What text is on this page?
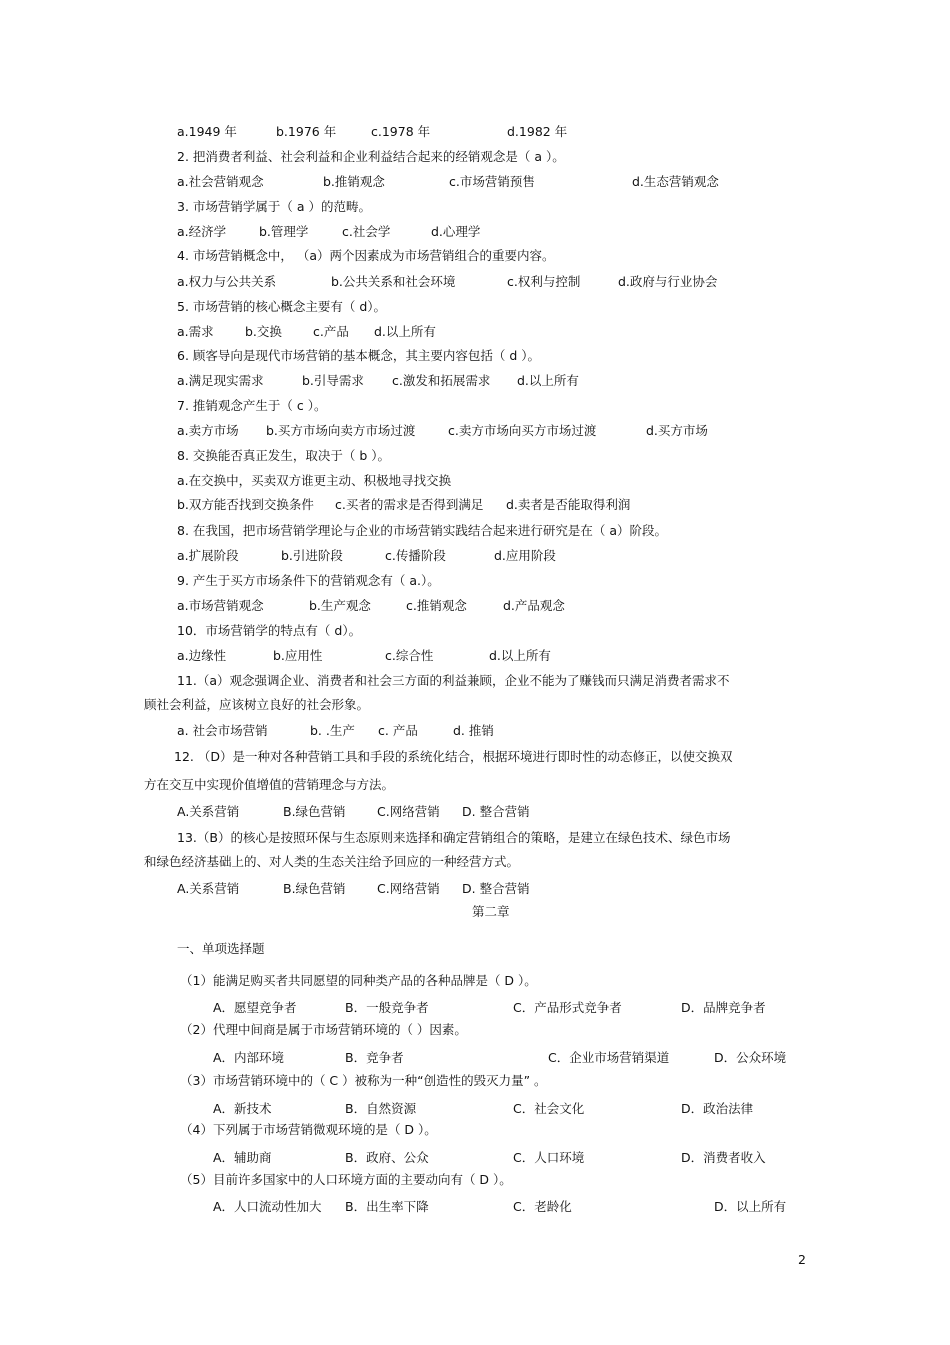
a.1949 年	b.1976 年	c.1978 年	d.1982 年
2. 把消费者利益、社会利益和企业利益结合起来的经销观念是（ a ）。
a.社会营销观念	b.推销观念	c.市场营销预售	d.生态营销观念
3. 市场营销学属于（ a ）的范畴。
a.经济学	b.管理学	c.社会学	d.心理学
4. 市场营销概念中， （a）两个因素成为市场营销组合的重要内容。
a.权力与公共关系	b.公共关系和社会环境	c.权利与控制	d.政府与行业协会
5. 市场营销的核心概念主要有（ d）。
a.需求	b.交换 c.产品 d.以上所有
6. 顾客导向是现代市场营销的基本概念，其主要内容包括（ d ）。
a.满足现实需求	b.引导需求 c.激发和拓展需求 d.以上所有
7. 推销观念产生于（ c ）。
a.卖方市场 b.买方市场向卖方市场过渡	c.卖方市场向买方市场过渡	d.买方市场
8. 交换能否真正发生，取决于（ b ）。
a.在交换中，买卖双方谁更主动、积极地寻找交换
b.双方能否找到交换条件 c.买者的需求是否得到满足 d.卖者是否能取得利润
8. 在我国，把市场营销学理论与企业的市场营销实践结合起来进行研究是在（ a）阶段。
a.扩展阶段	b.引进阶段	c.传播阶段	d.应用阶段
9. 产生于买方市场条件下的营销观念有（ a.）。
a.市场营销观念	b.生产观念	c.推销观念	d.产品观念
10．市场营销学的特点有（ d）。
a.边缘性	b.应用性	c.综合性	d.以上所有
11.（a）观念强调企业、消费者和社会三方面的利益兼顾，企业不能为了赚钱而只满足消费者需求不
顾社会利益，应该树立良好的社会形象。
a. 社会市场营销	b. .生产 c. 产品	d. 推销
12. （D）是一种对各种营销工具和手段的系统化结合，根据环境进行即时性的动态修正，以使交换双
方在交互中实现价值增值的营销理念与方法。
A.关系营销	B.绿色营销	C.网络营销 D. 整合营销
13.（B）的核心是按照环保与生态原则来选择和确定营销组合的策略，是建立在绿色技术、绿色市场
和绿色经济基础上的、对人类的生态关注给予回应的一种经营方式。
A.关系营销	B.绿色营销	C.网络营销 D. 整合营销
第二章
一、单项选择题
（1）能满足购买者共同愿望的同种类产品的各种品牌是（ D ）。
A．愿望竞争者	B．一般竞争者	C．产品形式竞争者	D．品牌竞争者
（2）代理中间商是属于市场营销环境的（ ）因素。
A．内部环境	B．竞争者	C．企业市场营销渠道	D．公众环境
（3）市场营销环境中的（ C ）被称为一种“创造性的毁灭力量” 。
A．新技术	B．自然资源	C．社会文化	D．政治法律
（4）下列属于市场营销微观环境的是（ D ）。
A．辅助商	B．政府、公众	C．人口环境	D．消费者收入
（5）目前许多国家中的人口环境方面的主要动向有（ D ）。
A．人口流动性加大 B．出生率下降	C．老龄化	D．以上所有
2
